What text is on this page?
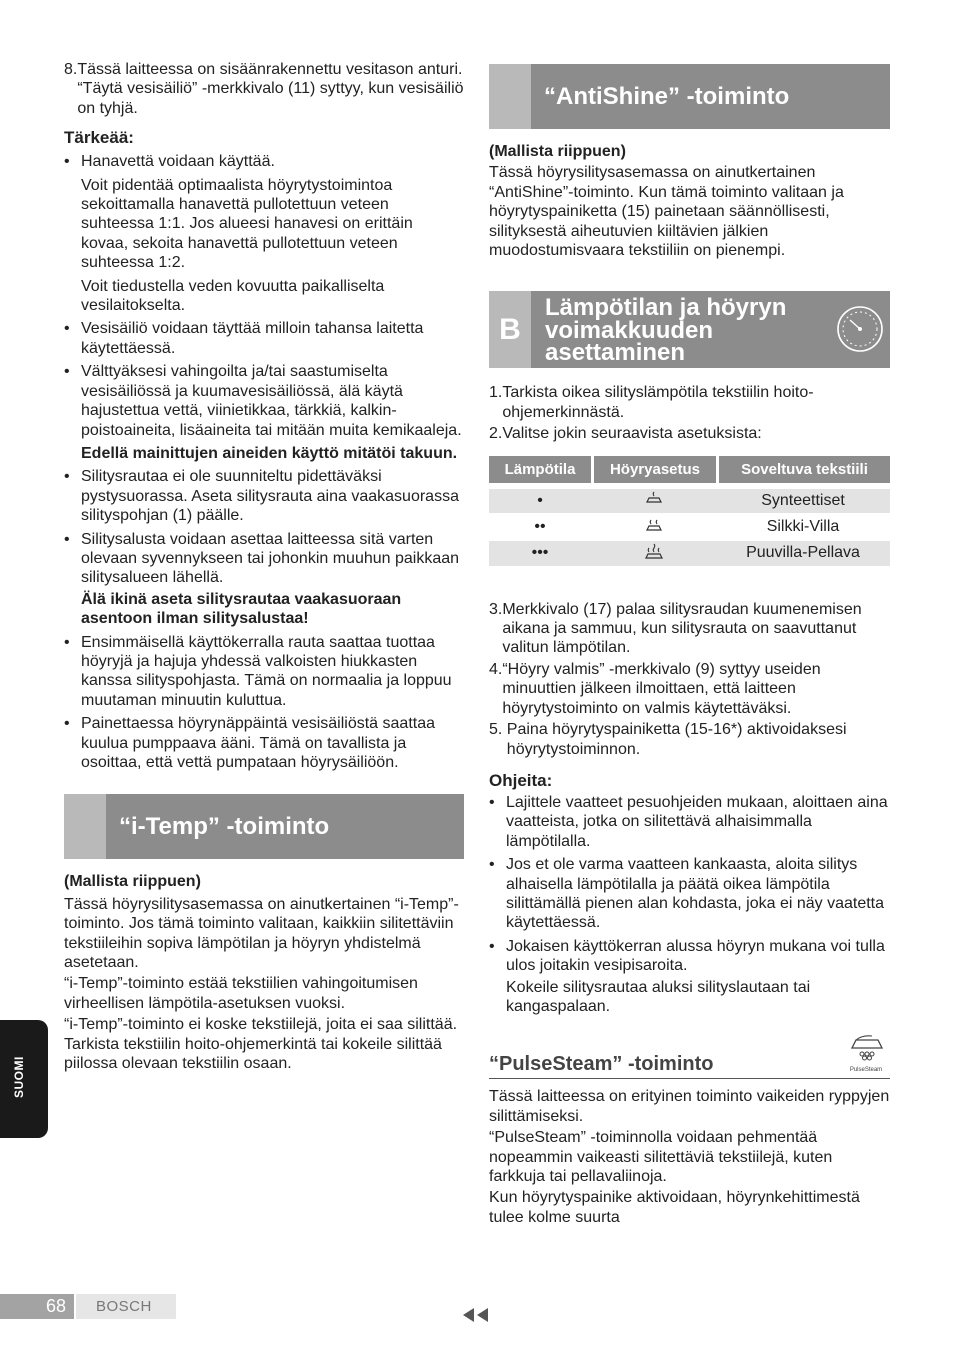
8. Tässä laitteessa on sisäänrakennettu vesitason anturi. “Täytä vesisäiliö” -merkkivalo (11) syttyy, kun vesisäiliö on tyhjä.

Tärkeää:

• Hanavettä voidaan käyttää.

Voit pidentää optimaalista höyrytystoimintoa sekoittamalla hanavettä pullotettuun veteen suhteessa 1:1. Jos alueesi hanavesi on erittäin kovaa, sekoita hanavettä pullotettuun veteen suhteessa 1:2.

Voit tiedustella veden kovuutta paikalliselta vesilaitokselta.

• Vesisäiliö voidaan täyttää milloin tahansa laitetta käytettäessä.
• Välttyäksesi vahingoilta ja/tai saastumiselta vesisäiliössä ja kuumavesisäiliössä, älä käytä hajustettua vettä, viinietikkaa, tärkkiä, kalkin-poistoaineita, lisäaineita tai mitään muita kemikaaleja.

Edellä mainittujen aineiden käyttö mitätöi takuun.

• Silitysrautaa ei ole suunniteltu pidettäväksi pystysuorassa. Aseta silitysrauta aina vaakasuorassa silityspohjan (1) päälle.
• Silitysalusta voidaan asettaa laitteessa sitä varten olevaan syvennykseen tai johonkin muuhun paikkaan silitysalueen lähellä.

Älä ikinä aseta silitysrautaa vaakasuoraan asentoon ilman silitysalustaa!

• Ensimmäisellä käyttökerralla rauta saattaa tuottaa höyryjä ja hajuja yhdessä valkoisten hiukkasten kanssa silityspohjasta. Tämä on normaalia ja loppuu muutaman minuutin kuluttua.
• Painettaessa höyrynäppäintä vesisäiliöstä saattaa kuulua pumppaava ääni. Tämä on tavallista ja osoittaa, että vettä pumpataan höyrysäiliöön.
“i-Temp” -toiminto

(Mallista riippuen)

Tässä höyrysilitysasemassa on ainutkertainen “i-Temp”-toiminto. Jos tämä toiminto valitaan, kaikkiin silitettäviin tekstiileihin sopiva lämpötilan ja höyryn yhdistelmä asetetaan.

“i-Temp”-toiminto estää tekstiilien vahingoitumisen virheellisen lämpötila-asetuksen vuoksi.

“i-Temp”-toiminto ei koske tekstiilejä, joita ei saa silittää. Tarkista tekstiilin hoito-ohjemerkintä tai kokeile silittää piilossa olevaan tekstiilin osaan.

“AntiShine” -toiminto

(Mallista riippuen)

Tässä höyrysilitysasemassa on ainutkertainen “AntiShine”-toiminto. Kun tämä toiminto valitaan ja höyrytyspainiketta (15) painetaan säännöllisesti, silityksestä aiheutuvien kiiltävien jälkien muodostumisvaara tekstiiliin on pienempi.

B
Lämpötilan ja höyryn voimakkuuden asettaminen
1. Tarkista oikea silityslämpötila tekstiilin hoito-ohjemerkinnästä.
2. Valitse jokin seuraavista asetuksista:
Lämpötila	Höyryasetus	Soveltuva tekstiili

•		Synteettiset
••		Silkki-Villa
•••		Puuvilla-Pellava
3. Merkkivalo (17) palaa silitysraudan kuumenemisen aikana ja sammuu, kun silitysrauta on saavuttanut valitun lämpötilan.
4. “Höyry valmis” -merkkivalo (9) syttyy useiden minuuttien jälkeen ilmoittaen, että laitteen höyrytystoiminto on valmis käytettäväksi.
5. Paina höyrytyspainiketta (15-16*) aktivoidaksesi höyrytystoiminnon.

Ohjeita:

• Lajittele vaatteet pesuohjeiden mukaan, aloittaen aina vaatteista, jotka on silitettävä alhaisimmalla lämpötilalla.
• Jos et ole varma vaatteen kankaasta, aloita silitys alhaisella lämpötilalla ja päätä oikea lämpötila silittämällä pienen alan kohdasta, joka ei näy vaatetta käytettäessä.
• Jokaisen käyttökerran alussa höyryn mukana voi tulla ulos joitakin vesipisaroita.

Kokeile silitysrautaa aluksi silityslautaan tai kangaspalaan.

“PulseSteam” -toiminto	PulseSteam

Tässä laitteessa on erityinen toiminto vaikeiden ryppyjen silittämiseksi.

“PulseSteam” -toiminnolla voidaan pehmentää nopeammin vaikeasti silitettäviä tekstiilejä, kuten farkkuja tai pellavaliinoja.

Kun höyrytyspainike aktivoidaan, höyrynkehittimestä tulee kolme suurta

SUOMI
68	BOSCH
